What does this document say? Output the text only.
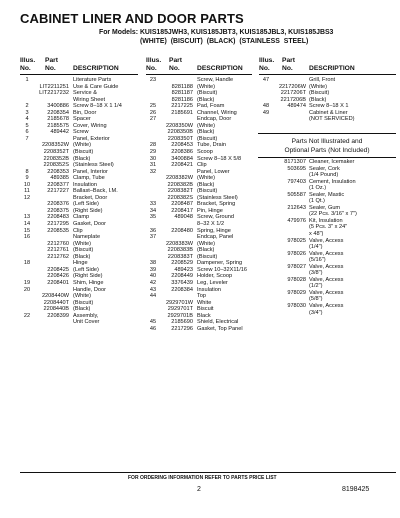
CABINET LINER AND DOOR PARTS
For Models: KUIS185JWH3, KUIS185JBT3, KUIS185JBL3, KUIS185JBS3
(WHITE) (BISCUIT) (BLACK) (STAINLESS STEEL)
Illus.
No.
Part
No.	DESCRIPTION
1	Literature Parts
LIT2211251 Use & Care Guide
LIT2217232 Service &
Wiring Sheet
2	3400886 Screw 8–18 X 1 1/4
3	2208354 Bin, Door
4	2185678 Spacer
5	2185575 Cover, Wiring
6	489442 Screw
7	Panel, Exterior
2208352W (White)
2208352T (Biscuit)
2208352B (Black)
2208352S (Stainless Steel)
8	2208353 Panel, Interior
9	489385 Clamp, Tube
10	2208377 Insulation
11	2217227 Ballast–Back, I.M.
12	Bracket, Door
2208376 (Left Side)
2208375 (Right Side)
13	2208483 Clamp
14	2217295 Gasket, Door
15	2208535 Clip
16	Nameplate
2212760 (White)
2212761 (Biscuit)
2212762 (Black)
18	Hinge
2208425 (Left Side)
2208426 (Right Side)
19	2208401 Shim, Hinge
20	Handle, Door
2208440W (White)
2208440T (Biscuit)
2208440B (Black)
22	2208399 Assembly,
Unit Cover
Illus.
No.
Part
No.	DESCRIPTION
23	Screw, Handle
8281188 (White)
8281187 (Biscuit)
8281186 (Black)
25	2217225 Pad, Foam
26	2185691 Channel, Wiring
27	Endcap, Door
2208350W (White)
2208350B (Black)
2208350T (Biscuit)
28	2208453 Tube, Drain
29	2208386 Scoop
30	3400884 Screw 8–18 X 5/8
31	2208421 Clip
32	Panel, Lower
2208382W (White)
2208382B (Black)
2208382T (Biscuit)
2208382S (Stainless Steel)
33	2208487 Bracket, Spring
34	2208417 Pin, Hinge
35	489048 Screw, Ground
8–32 X 1/2
36	2208480 Spring, Hinge
37	Endcap, Panel
2208383W (White)
2208383B (Black)
2208383T (Biscuit)
38	2208529 Dampener, Spring
39	489423 Screw 10–32X11/16
40	2208449 Holder, Scoop
42	3376439 Leg, Leveler
43	2208384 Insulation
44	Top
2929701W White
2929701T Biscuit
2929701B Black
45	2185690 Shield, Electrical
46	2217296 Gasket, Top Panel
Illus.
No.
Part
No.	DESCRIPTION
47	Grill, Front
2217206W (White)
2217206T (Biscuit)
2217206B (Black)
48	489474 Screw 8–18 X 1
49	Cabinet & Liner
(NOT SERVICED)
Parts Not Illustrated and
Optional Parts (Not Included)
8171307 Cleaner, Icemaker
503695 Sealer, Cork
(1/4 Pound)
797403 Cement, Insulation
(1 Oz.)
505587 Sealer, Mastic
(1 Qt.)
212643 Sealer, Gum
(22 Pcs. 3/16" x 7")
479976 Kit, Insulation
(5 Pcs. 3" x 24"
x 48")
978025 Valve, Access
(1/4")
978026 Valve, Access
(5/16")
978027 Valve, Access
(3/8")
978028 Valve, Access
(1/2")
978029 Valve, Access
(5/8")
978030 Valve, Access
(3/4")
FOR ORDERING INFORMATION REFER TO PARTS PRICE LIST
2	8198425
